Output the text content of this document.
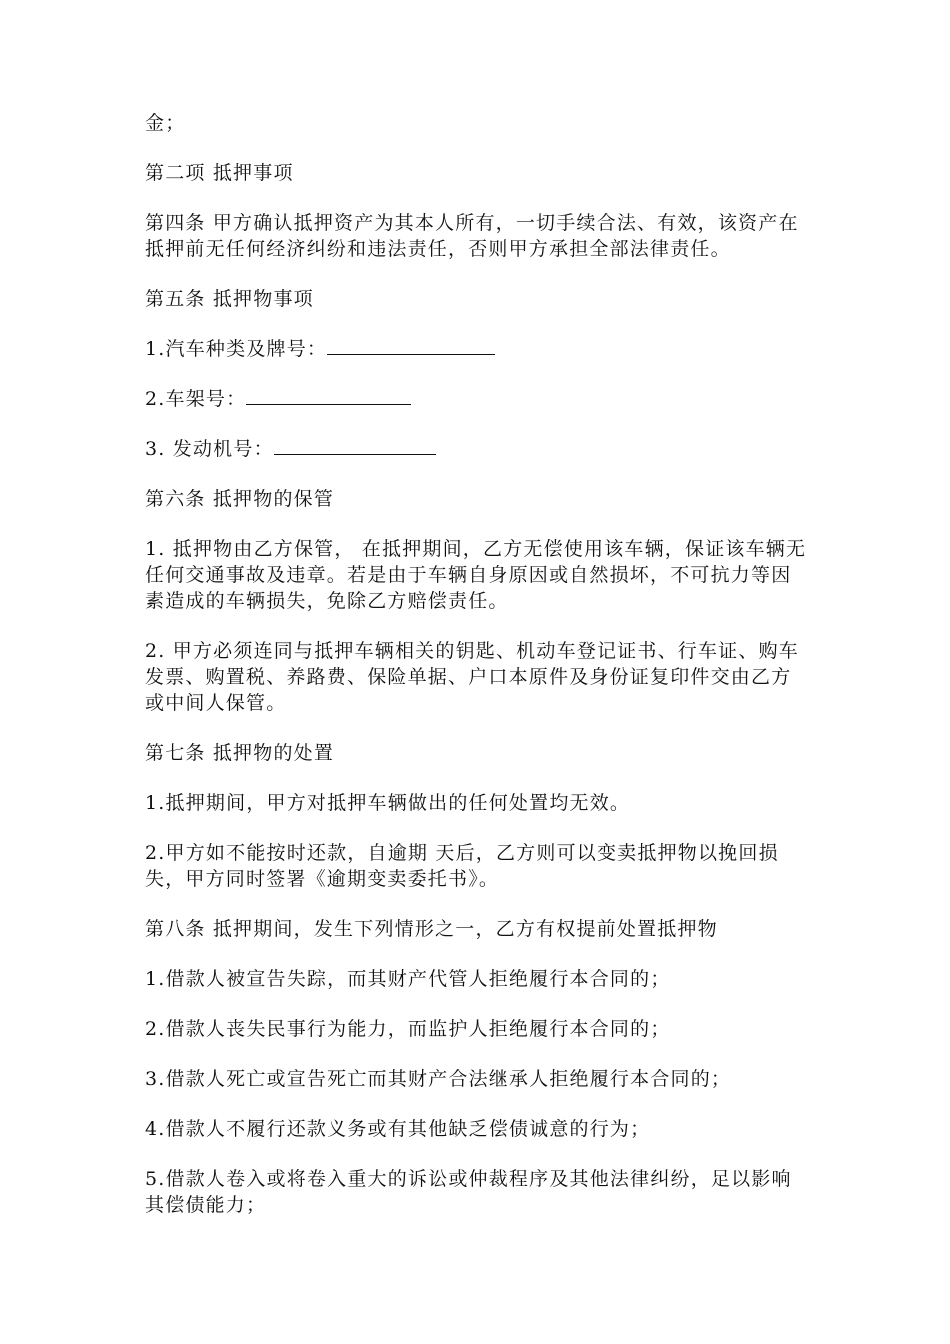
金；

第二项 抵押事项

第四条 甲方确认抵押资产为其本人所有，一切手续合法、有效，该资产在抵押前无任何经济纠纷和违法责任，否则甲方承担全部法律责任。

第五条 抵押物事项

1.汽车种类及牌号：

2.车架号：

3. 发动机号：

第六条 抵押物的保管

1. 抵押物由乙方保管， 在抵押期间，乙方无偿使用该车辆，保证该车辆无任何交通事故及违章。若是由于车辆自身原因或自然损坏，不可抗力等因素造成的车辆损失，免除乙方赔偿责任。

2. 甲方必须连同与抵押车辆相关的钥匙、机动车登记证书、行车证、购车发票、购置税、养路费、保险单据、户口本原件及身份证复印件交由乙方或中间人保管。

第七条 抵押物的处置

1.抵押期间，甲方对抵押车辆做出的任何处置均无效。

2.甲方如不能按时还款，自逾期 天后，乙方则可以变卖抵押物以挽回损失，甲方同时签署《逾期变卖委托书》。

第八条 抵押期间，发生下列情形之一，乙方有权提前处置抵押物

1.借款人被宣告失踪，而其财产代管人拒绝履行本合同的；

2.借款人丧失民事行为能力，而监护人拒绝履行本合同的；

3.借款人死亡或宣告死亡而其财产合法继承人拒绝履行本合同的；

4.借款人不履行还款义务或有其他缺乏偿债诚意的行为；

5.借款人卷入或将卷入重大的诉讼或仲裁程序及其他法律纠纷，足以影响其偿债能力；
